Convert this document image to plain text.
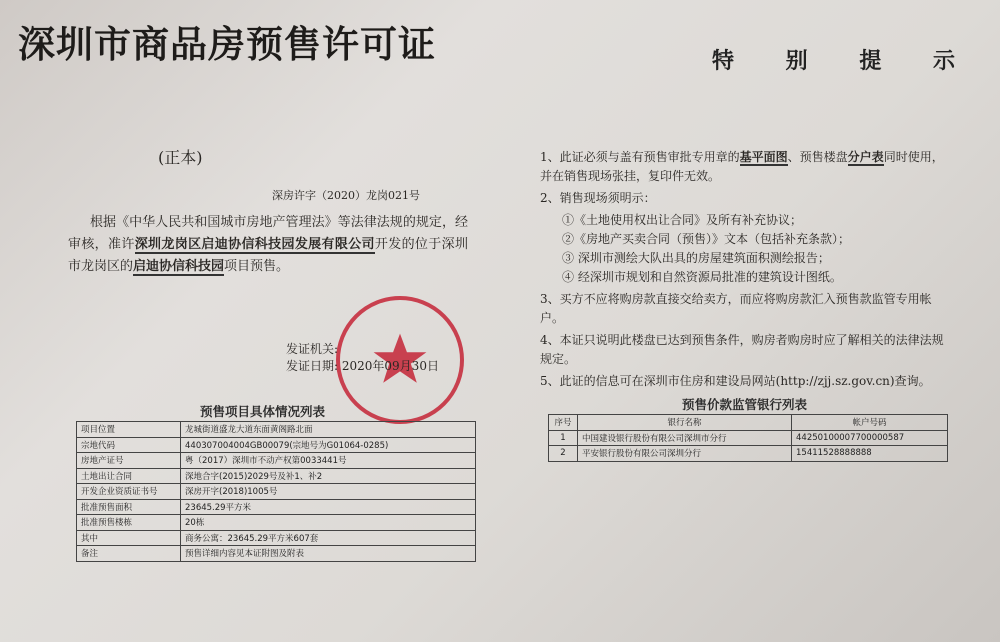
深圳市商品房预售许可证	特 别 提 示
(正本)
深房许字（2020）龙岗021号

根据《中华人民共和国城市房地产管理法》等法律法规的规定，经审核，准许深圳龙岗区启迪协信科技园发展有限公司开发的位于深圳市龙岗区的启迪协信科技园项目预售。

发证机关:
发证日期: 2020年09月30日
1、此证必须与盖有预售审批专用章的基平面图、预售楼盘分户表同时使用，并在销售现场张挂，复印件无效。
2、销售现场须明示：
①《土地使用权出让合同》及所有补充协议；
②《房地产买卖合同（预售）》文本（包括补充条款）；
③ 深圳市测绘大队出具的房屋建筑面积测绘报告；
④ 经深圳市规划和自然资源局批准的建筑设计图纸。
3、买方不应将购房款直接交给卖方，而应将购房款汇入预售款监管专用帐户。
4、本证只说明此楼盘已达到预售条件，购房者购房时应了解相关的法律法规规定。
5、此证的信息可在深圳市住房和建设局网站(http://zjj.sz.gov.cn)查询。
预售项目具体情况列表
项目位置	龙城街道盛龙大道东面黄阁路北面
宗地代码	440307004004GB00079(宗地号为G01064-0285)
房地产证号	粤（2017）深圳市不动产权第0033441号
土地出让合同	深地合字(2015)2029号及补1、补2
开发企业资质证书号	深房开字(2018)1005号
批准预售面积	23645.29平方米
批准预售楼栋	20栋
其中	商务公寓：23645.29平方米607套
备注	预售详细内容见本证附图及附表
预售价款监管银行列表
序号	银行名称	帐户号码
1	中国建设银行股份有限公司深圳市分行	44250100007700000587
2	平安银行股份有限公司深圳分行	15411528888888
